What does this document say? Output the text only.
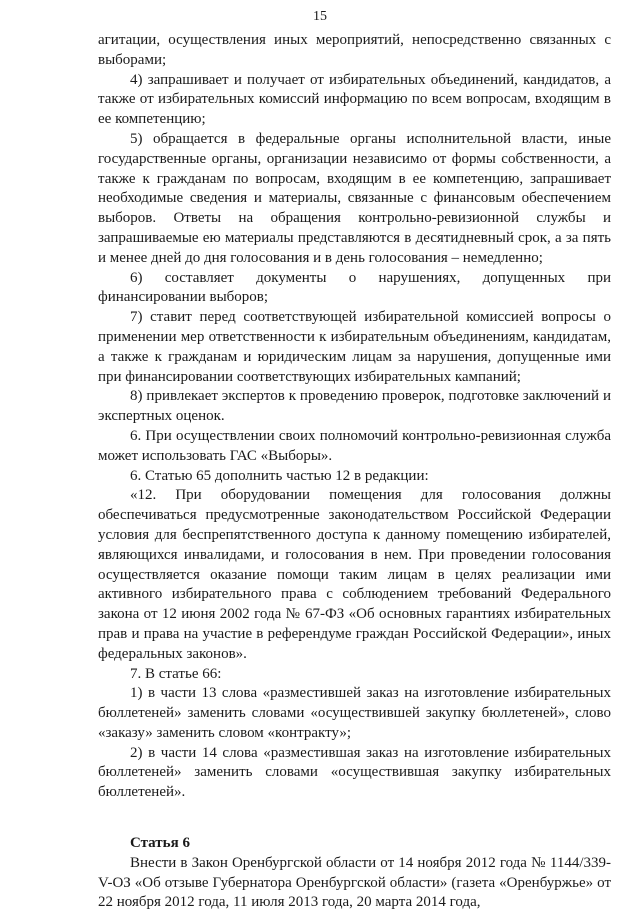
15

агитации, осуществления иных мероприятий, непосредственно связанных с выборами;

4) запрашивает и получает от избирательных объединений, кандидатов, а также от избирательных комиссий информацию по всем вопросам, входящим в ее компетенцию;

5) обращается в федеральные органы исполнительной власти, иные государственные органы, организации независимо от формы собственности, а также к гражданам по вопросам, входящим в ее компетенцию, запрашивает необходимые сведения и материалы, связанные с финансовым обеспечением выборов. Ответы на обращения контрольно-ревизионной службы и запрашиваемые ею материалы представляются в десятидневный срок, а за пять и менее дней до дня голосования и в день голосования – немедленно;

6) составляет документы о нарушениях, допущенных при финансировании выборов;

7) ставит перед соответствующей избирательной комиссией вопросы о применении мер ответственности к избирательным объединениям, кандидатам, а также к гражданам и юридическим лицам за нарушения, допущенные ими при финансировании соответствующих избирательных кампаний;

8) привлекает экспертов к проведению проверок, подготовке заключений и экспертных оценок.

6. При осуществлении своих полномочий контрольно-ревизионная служба может использовать ГАС «Выборы».

6. Статью 65 дополнить частью 12 в редакции:

«12. При оборудовании помещения для голосования должны обеспечиваться предусмотренные законодательством Российской Федерации условия для беспрепятственного доступа к данному помещению избирателей, являющихся инвалидами, и голосования в нем. При проведении голосования осуществляется оказание помощи таким лицам в целях реализации ими активного избирательного права с соблюдением требований Федерального закона от 12 июня 2002 года № 67-ФЗ «Об основных гарантиях избирательных прав и права на участие в референдуме граждан Российской Федерации», иных федеральных законов».

7. В статье 66:

1) в части 13 слова «разместившей заказ на изготовление избирательных бюллетеней» заменить словами «осуществившей закупку бюллетеней», слово «заказу» заменить словом «контракту»;

2) в части 14 слова «разместившая заказ на изготовление избирательных бюллетеней» заменить словами «осуществившая закупку избирательных бюллетеней».

Статья 6

Внести в Закон Оренбургской области от 14 ноября 2012 года № 1144/339-V-ОЗ «Об отзыве Губернатора Оренбургской области» (газета «Оренбуржье» от 22 ноября 2012 года, 11 июля 2013 года, 20 марта 2014 года,
